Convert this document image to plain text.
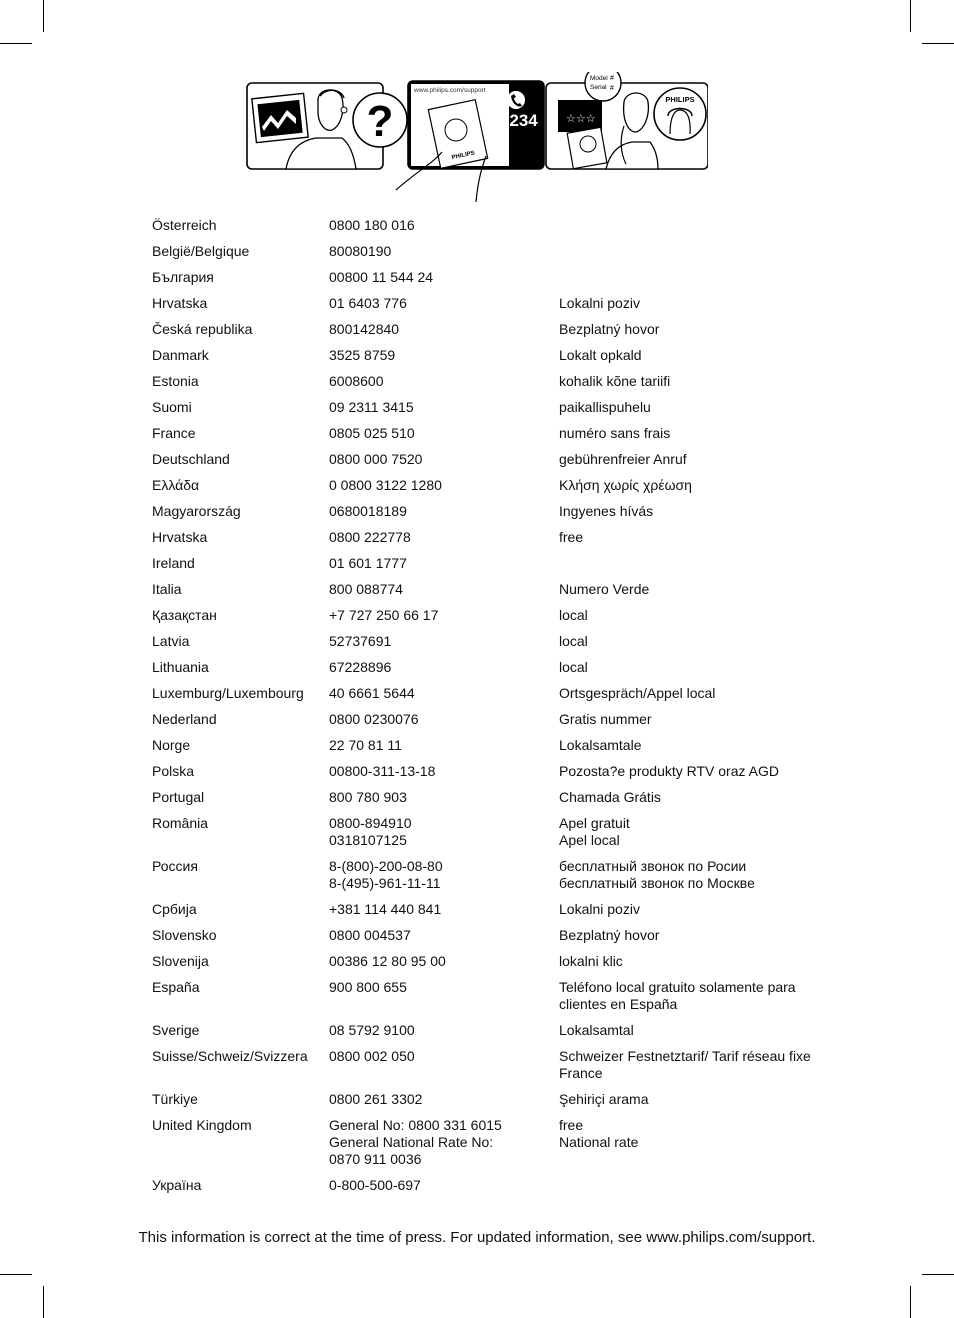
?
www.philips.com/support
PHILIPS
1-234
Model #
Serial #
☆☆☆
PHILIPS
Österreich	0800 180 016	

België/Belgique	80080190	

България	00800 11 544 24	

Hrvatska	01 6403 776	Lokalni poziv

Česká republika	800142840	Bezplatný hovor

Danmark	3525 8759	Lokalt opkald

Estonia	6008600	kohalik kõne tariifi

Suomi	09 2311 3415	paikallispuhelu

France	0805 025 510	numéro sans frais

Deutschland	0800 000 7520	gebührenfreier Anruf

Ελλάδα	0 0800 3122 1280	Κλήση χωρίς χρέωση

Magyarország	0680018189	Ingyenes hívás

Hrvatska	0800 222778	free

Ireland	01 601 1777	

Italia	800 088774	Numero Verde

Қазақстан	+7 727 250 66 17	local

Latvia	52737691	local

Lithuania	67228896	local

Luxemburg/Luxembourg	40 6661 5644	Ortsgespräch/Appel local

Nederland	0800 0230076	Gratis nummer

Norge	22 70 81 11	Lokalsamtale

Polska	00800-311-13-18	Pozosta?e produkty RTV oraz AGD

Portugal	800 780 903	Chamada Grátis

România	0800-894910
0318107125	Apel gratuit
Apel local

Россия	8-(800)-200-08-80
8-(495)-961-11-11	бесплатный звонок по Росии
бесплатный звонок по Москве

Србија	+381 114 440 841	Lokalni poziv

Slovensko	0800 004537	Bezplatný hovor

Slovenija	00386 12 80 95 00	lokalni klic

España	900 800 655	Teléfono local gratuito solamente para
clientes en España

Sverige	08 5792 9100	Lokalsamtal

Suisse/Schweiz/Svizzera	0800 002 050	Schweizer Festnetztarif/ Tarif réseau fixe
France

Türkiye	0800 261 3302	Şehiriçi arama

United Kingdom	General No: 0800 331 6015
General National Rate No:
0870 911 0036	free
National rate

Україна	0-800-500-697	

This information is correct at the time of press. For updated information, see www.philips.com/support.
